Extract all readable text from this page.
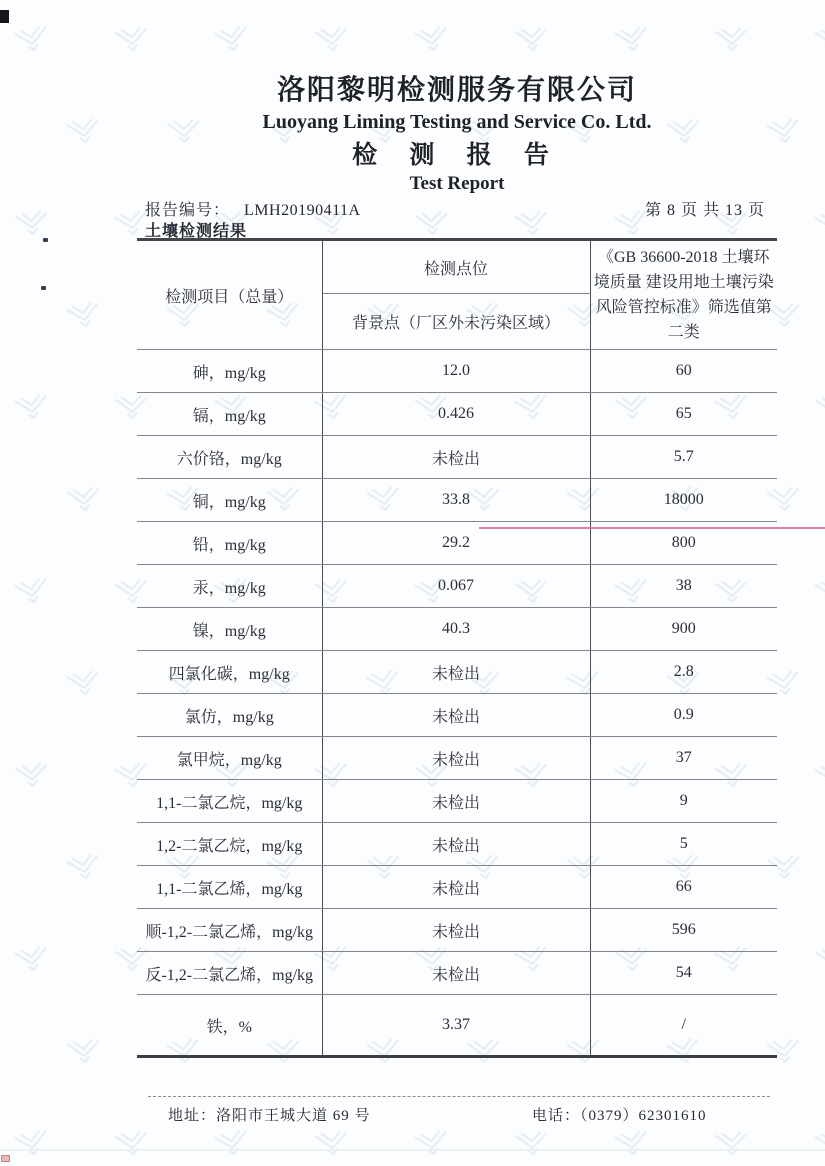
洛阳黎明检测服务有限公司
Luoyang Liming Testing and Service Co. Ltd.
检 测 报 告
Test Report
报告编号： LMH20190411A	第 8 页 共 13 页
土壤检测结果
检测项目（总量）	检测点位	《GB 36600-2018 土壤环境质量 建设用地土壤污染风险管控标准》筛选值第二类
	背景点（厂区外未污染区域）	
砷，mg/kg	12.0	60
镉，mg/kg	0.426	65
六价铬，mg/kg	未检出	5.7
铜，mg/kg	33.8	18000
铅，mg/kg	29.2	800
汞，mg/kg	0.067	38
镍，mg/kg	40.3	900
四氯化碳，mg/kg	未检出	2.8
氯仿，mg/kg	未检出	0.9
氯甲烷，mg/kg	未检出	37
1,1-二氯乙烷，mg/kg	未检出	9
1,2-二氯乙烷，mg/kg	未检出	5
1,1-二氯乙烯，mg/kg	未检出	66
顺-1,2-二氯乙烯，mg/kg	未检出	596
反-1,2-二氯乙烯，mg/kg	未检出	54
铁，%	3.37	/
地址：洛阳市王城大道 69 号	电话：（0379）62301610
